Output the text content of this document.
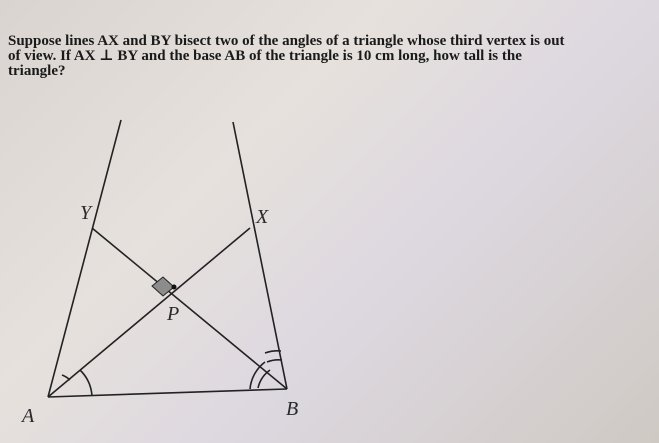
Suppose lines AX and BY bisect two of the angles of a triangle whose third vertex is out
of view. If AX ⊥ BY and the base AB of the triangle is 10 cm long, how tall is the
triangle?
A	B
X
Y
P
